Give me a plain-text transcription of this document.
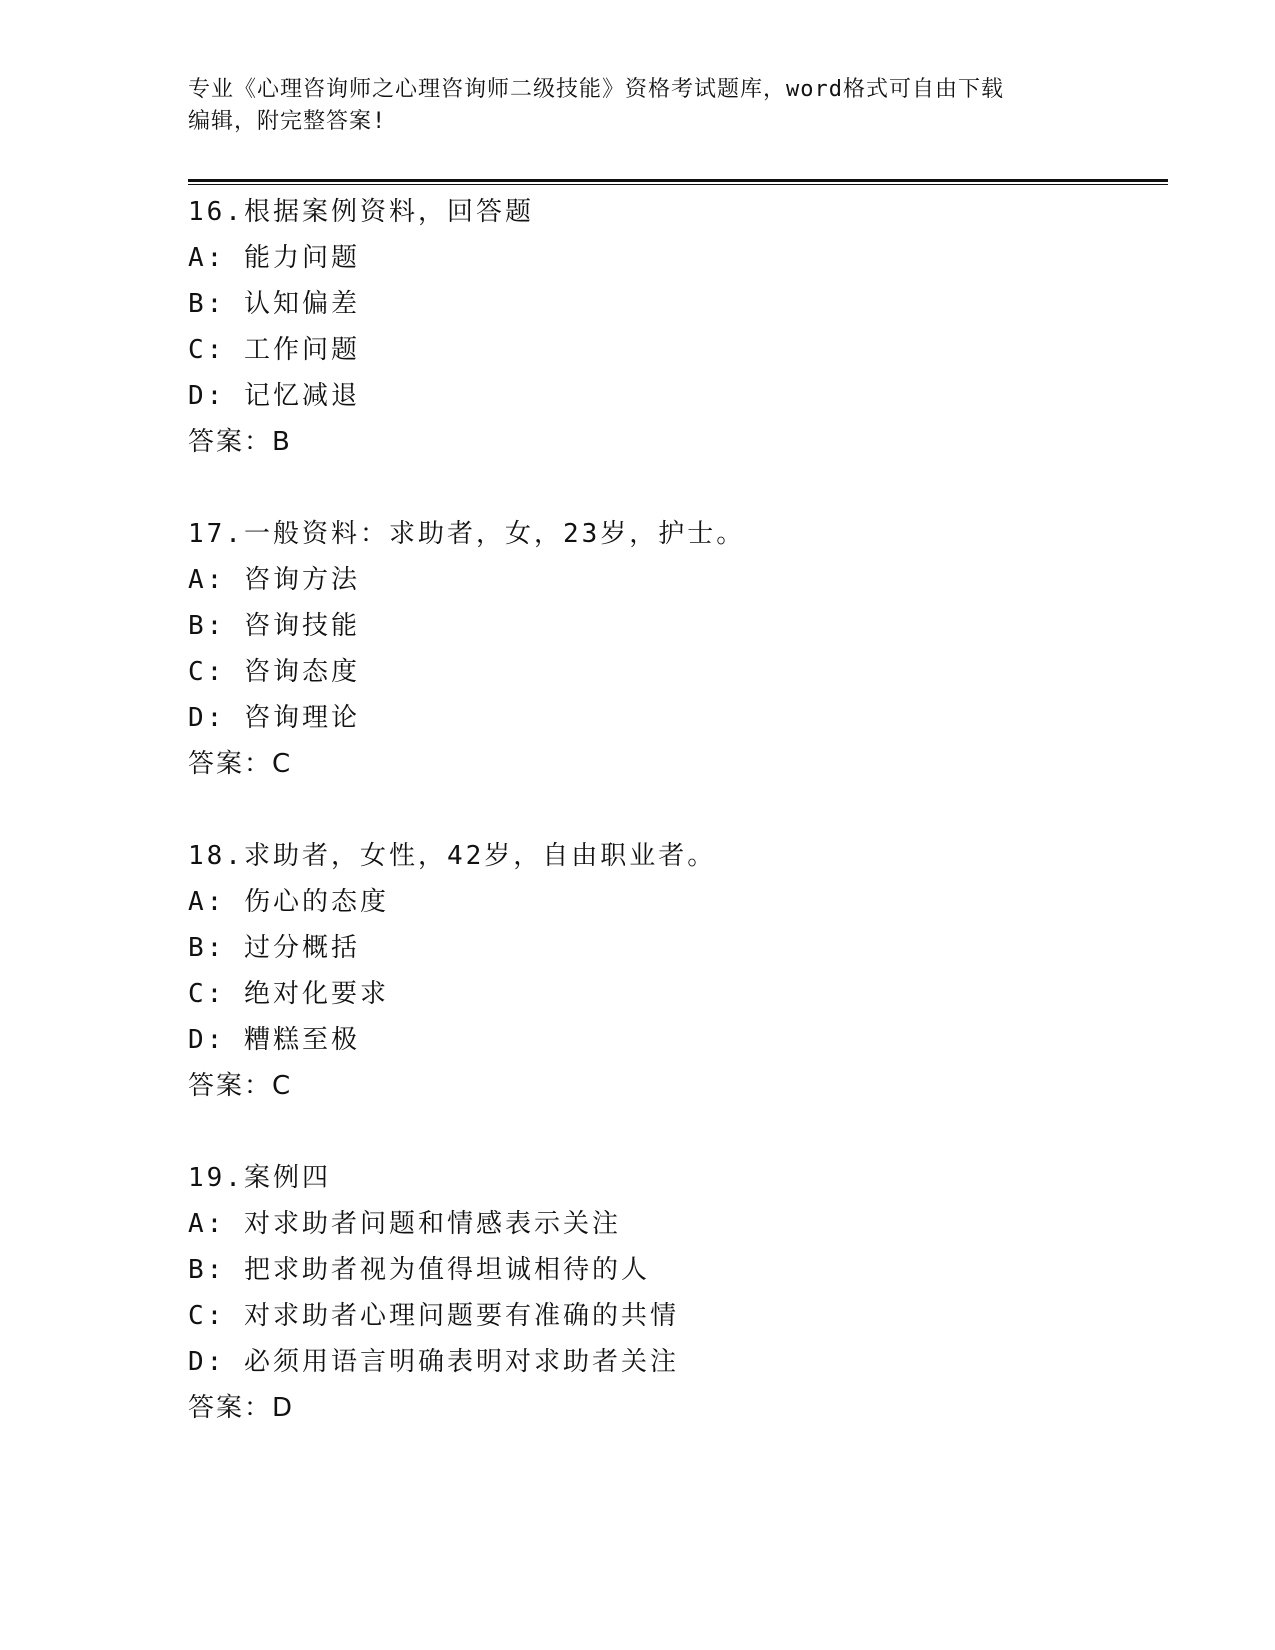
专业《心理咨询师之心理咨询师二级技能》资格考试题库，word格式可自由下载
编辑，附完整答案!
16.根据案例资料，回答题
A: 能力问题
B: 认知偏差
C: 工作问题
D: 记忆减退
答案：B
17.一般资料：求助者，女，23岁，护士。
A: 咨询方法
B: 咨询技能
C: 咨询态度
D: 咨询理论
答案：C
18.求助者，女性，42岁，自由职业者。
A: 伤心的态度
B: 过分概括
C: 绝对化要求
D: 糟糕至极
答案：C
19.案例四
A: 对求助者问题和情感表示关注
B: 把求助者视为值得坦诚相待的人
C: 对求助者心理问题要有准确的共情
D: 必须用语言明确表明对求助者关注
答案：D
